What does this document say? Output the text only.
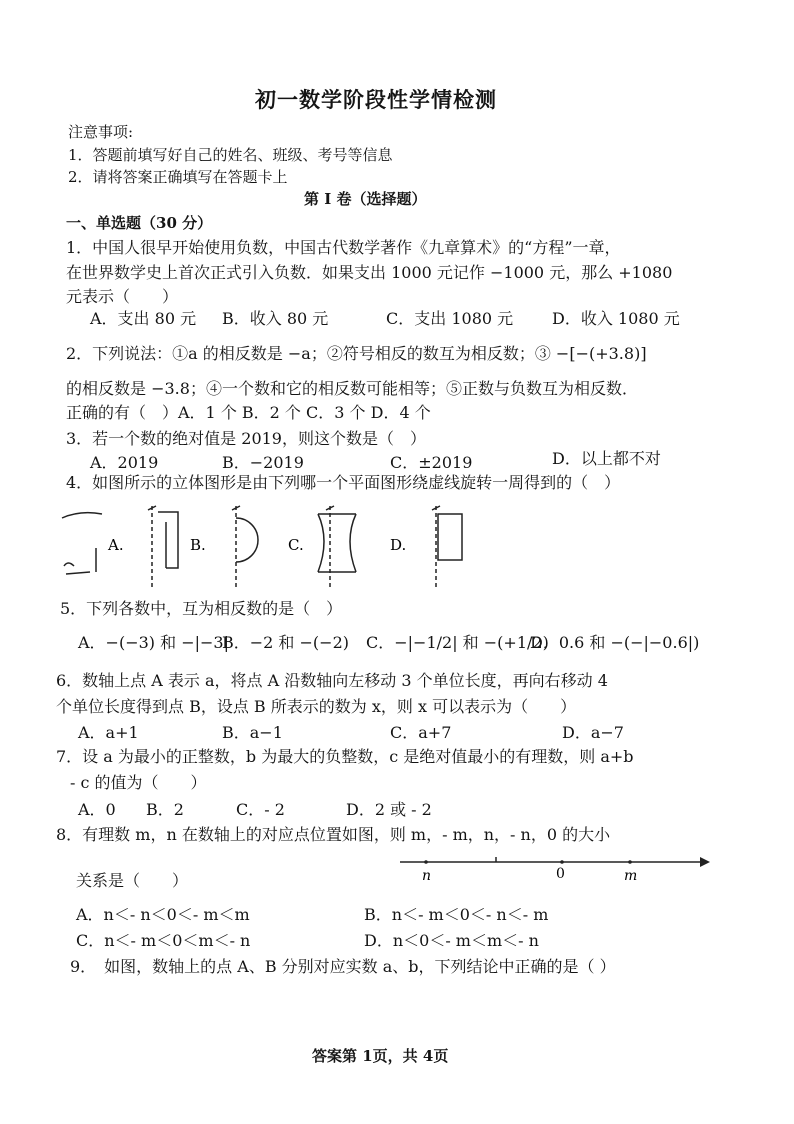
初一数学阶段性学情检测
注意事项:
1．答题前填写好自己的姓名、班级、考号等信息
2．请将答案正确填写在答题卡上
第 I 卷（选择题）
一、单选题（30 分）
1．中国人很早开始使用负数，中国古代数学著作《九章算术》的“方程”一章，
在世界数学史上首次正式引入负数．如果支出 1000 元记作 −1000 元，那么 +1080
元表示（　　）
A．支出 80 元 B．收入 80 元	C．支出 1080 元 D．收入 1080 元
2．下列说法：①a 的相反数是 −a；②符号相反的数互为相反数；③ −[−(+3.8)]
的相反数是 −3.8；④一个数和它的相反数可能相等；⑤正数与负数互为相反数．
正确的有（　）A．1 个 B．2 个 C．3 个 D．4 个
3．若一个数的绝对值是 2019，则这个数是（　）
A．2019	B．−2019	C．±2019	D．以上都不对
4．如图所示的立体图形是由下列哪一个平面图形绕虚线旋转一周得到的（　）
A.	B.	C.	D.
5．下列各数中，互为相反数的是（　）
A．−(−3) 和 −|−3|
B．−2 和 −(−2) C．−|−1/2| 和 −(+1/2)
D．0.6 和 −(−|−0.6|)
6．数轴上点 A 表示 a，将点 A 沿数轴向左移动 3 个单位长度，再向右移动 4
个单位长度得到点 B，设点 B 所表示的数为 x，则 x 可以表示为（　　）
A．a+1	B．a−1	C．a+7	D．a−7
7．设 a 为最小的正整数，b 为最大的负整数，c 是绝对值最小的有理数，则 a+b
- c 的值为（　　）
A．0 B．2	C．- 2	D．2 或 - 2
8．有理数 m，n 在数轴上的对应点位置如图，则 m，- m，n，- n，0 的大小
关系是（　　）	n	0	m
A．n＜- n＜0＜- m＜m	B．n＜- m＜0＜- n＜- m
C．n＜- m＜0＜m＜- n	D．n＜0＜- m＜m＜- n
9．　如图，数轴上的点 A、B 分别对应实数 a、b，下列结论中正确的是（ ）
答案第 1页，共 4页
